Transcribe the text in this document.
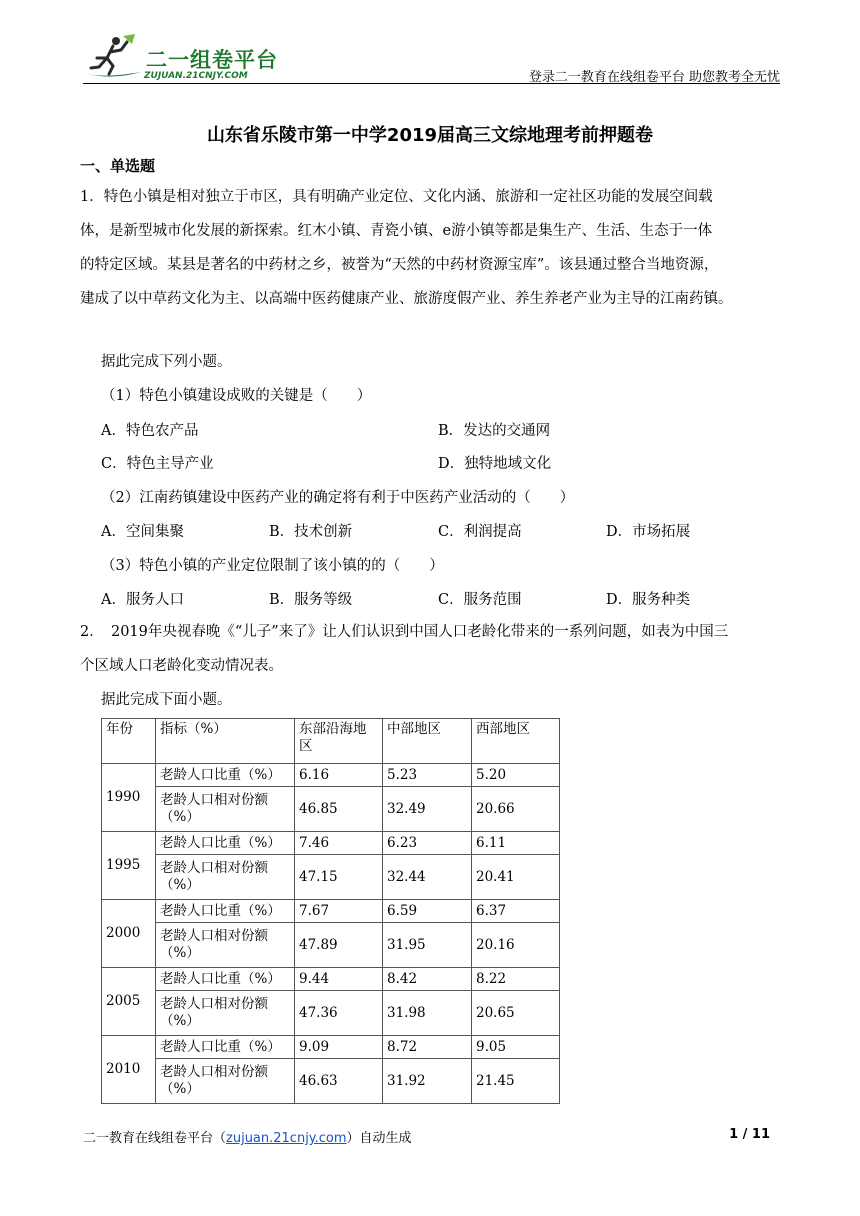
二一组卷平台
ZUJUAN.21CNJY.COM	登录二一教育在线组卷平台 助您教考全无忧
山东省乐陵市第一中学2019届高三文综地理考前押题卷
一、单选题
1．特色小镇是相对独立于市区，具有明确产业定位、文化内涵、旅游和一定社区功能的发展空间载
体，是新型城市化发展的新探索。红木小镇、青瓷小镇、e游小镇等都是集生产、生活、生态于一体
的特定区域。某县是著名的中药材之乡，被誉为“天然的中药材资源宝库”。该县通过整合当地资源，
建成了以中草药文化为主、以高端中医药健康产业、旅游度假产业、养生养老产业为主导的江南药镇。
据此完成下列小题。
（1）特色小镇建设成败的关键是（　　）
A．特色农产品	B．发达的交通网
C．特色主导产业	D．独特地域文化
（2）江南药镇建设中医药产业的确定将有利于中医药产业活动的（　　）
A．空间集聚	B．技术创新	C．利润提高	D．市场拓展
（3）特色小镇的产业定位限制了该小镇的的（　　）
A．服务人口	B．服务等级	C．服务范围	D．服务种类
2．　2019年央视春晚《“儿子”来了》让人们认识到中国人口老龄化带来的一系列问题，如表为中国三
个区域人口老龄化变动情况表。
据此完成下面小题。
年份	指标（%）	东部沿海地区	中部地区	西部地区
1990	老龄人口比重（%）	6.16	5.23	5.20
	老龄人口相对份额（%）	46.85	32.49	20.66
1995	老龄人口比重（%）	7.46	6.23	6.11
	老龄人口相对份额（%）	47.15	32.44	20.41
2000	老龄人口比重（%）	7.67	6.59	6.37
	老龄人口相对份额（%）	47.89	31.95	20.16
2005	老龄人口比重（%）	9.44	8.42	8.22
	老龄人口相对份额（%）	47.36	31.98	20.65
2010	老龄人口比重（%）	9.09	8.72	9.05
	老龄人口相对份额（%）	46.63	31.92	21.45
二一教育在线组卷平台（zujuan.21cnjy.com）自动生成	1 / 11
